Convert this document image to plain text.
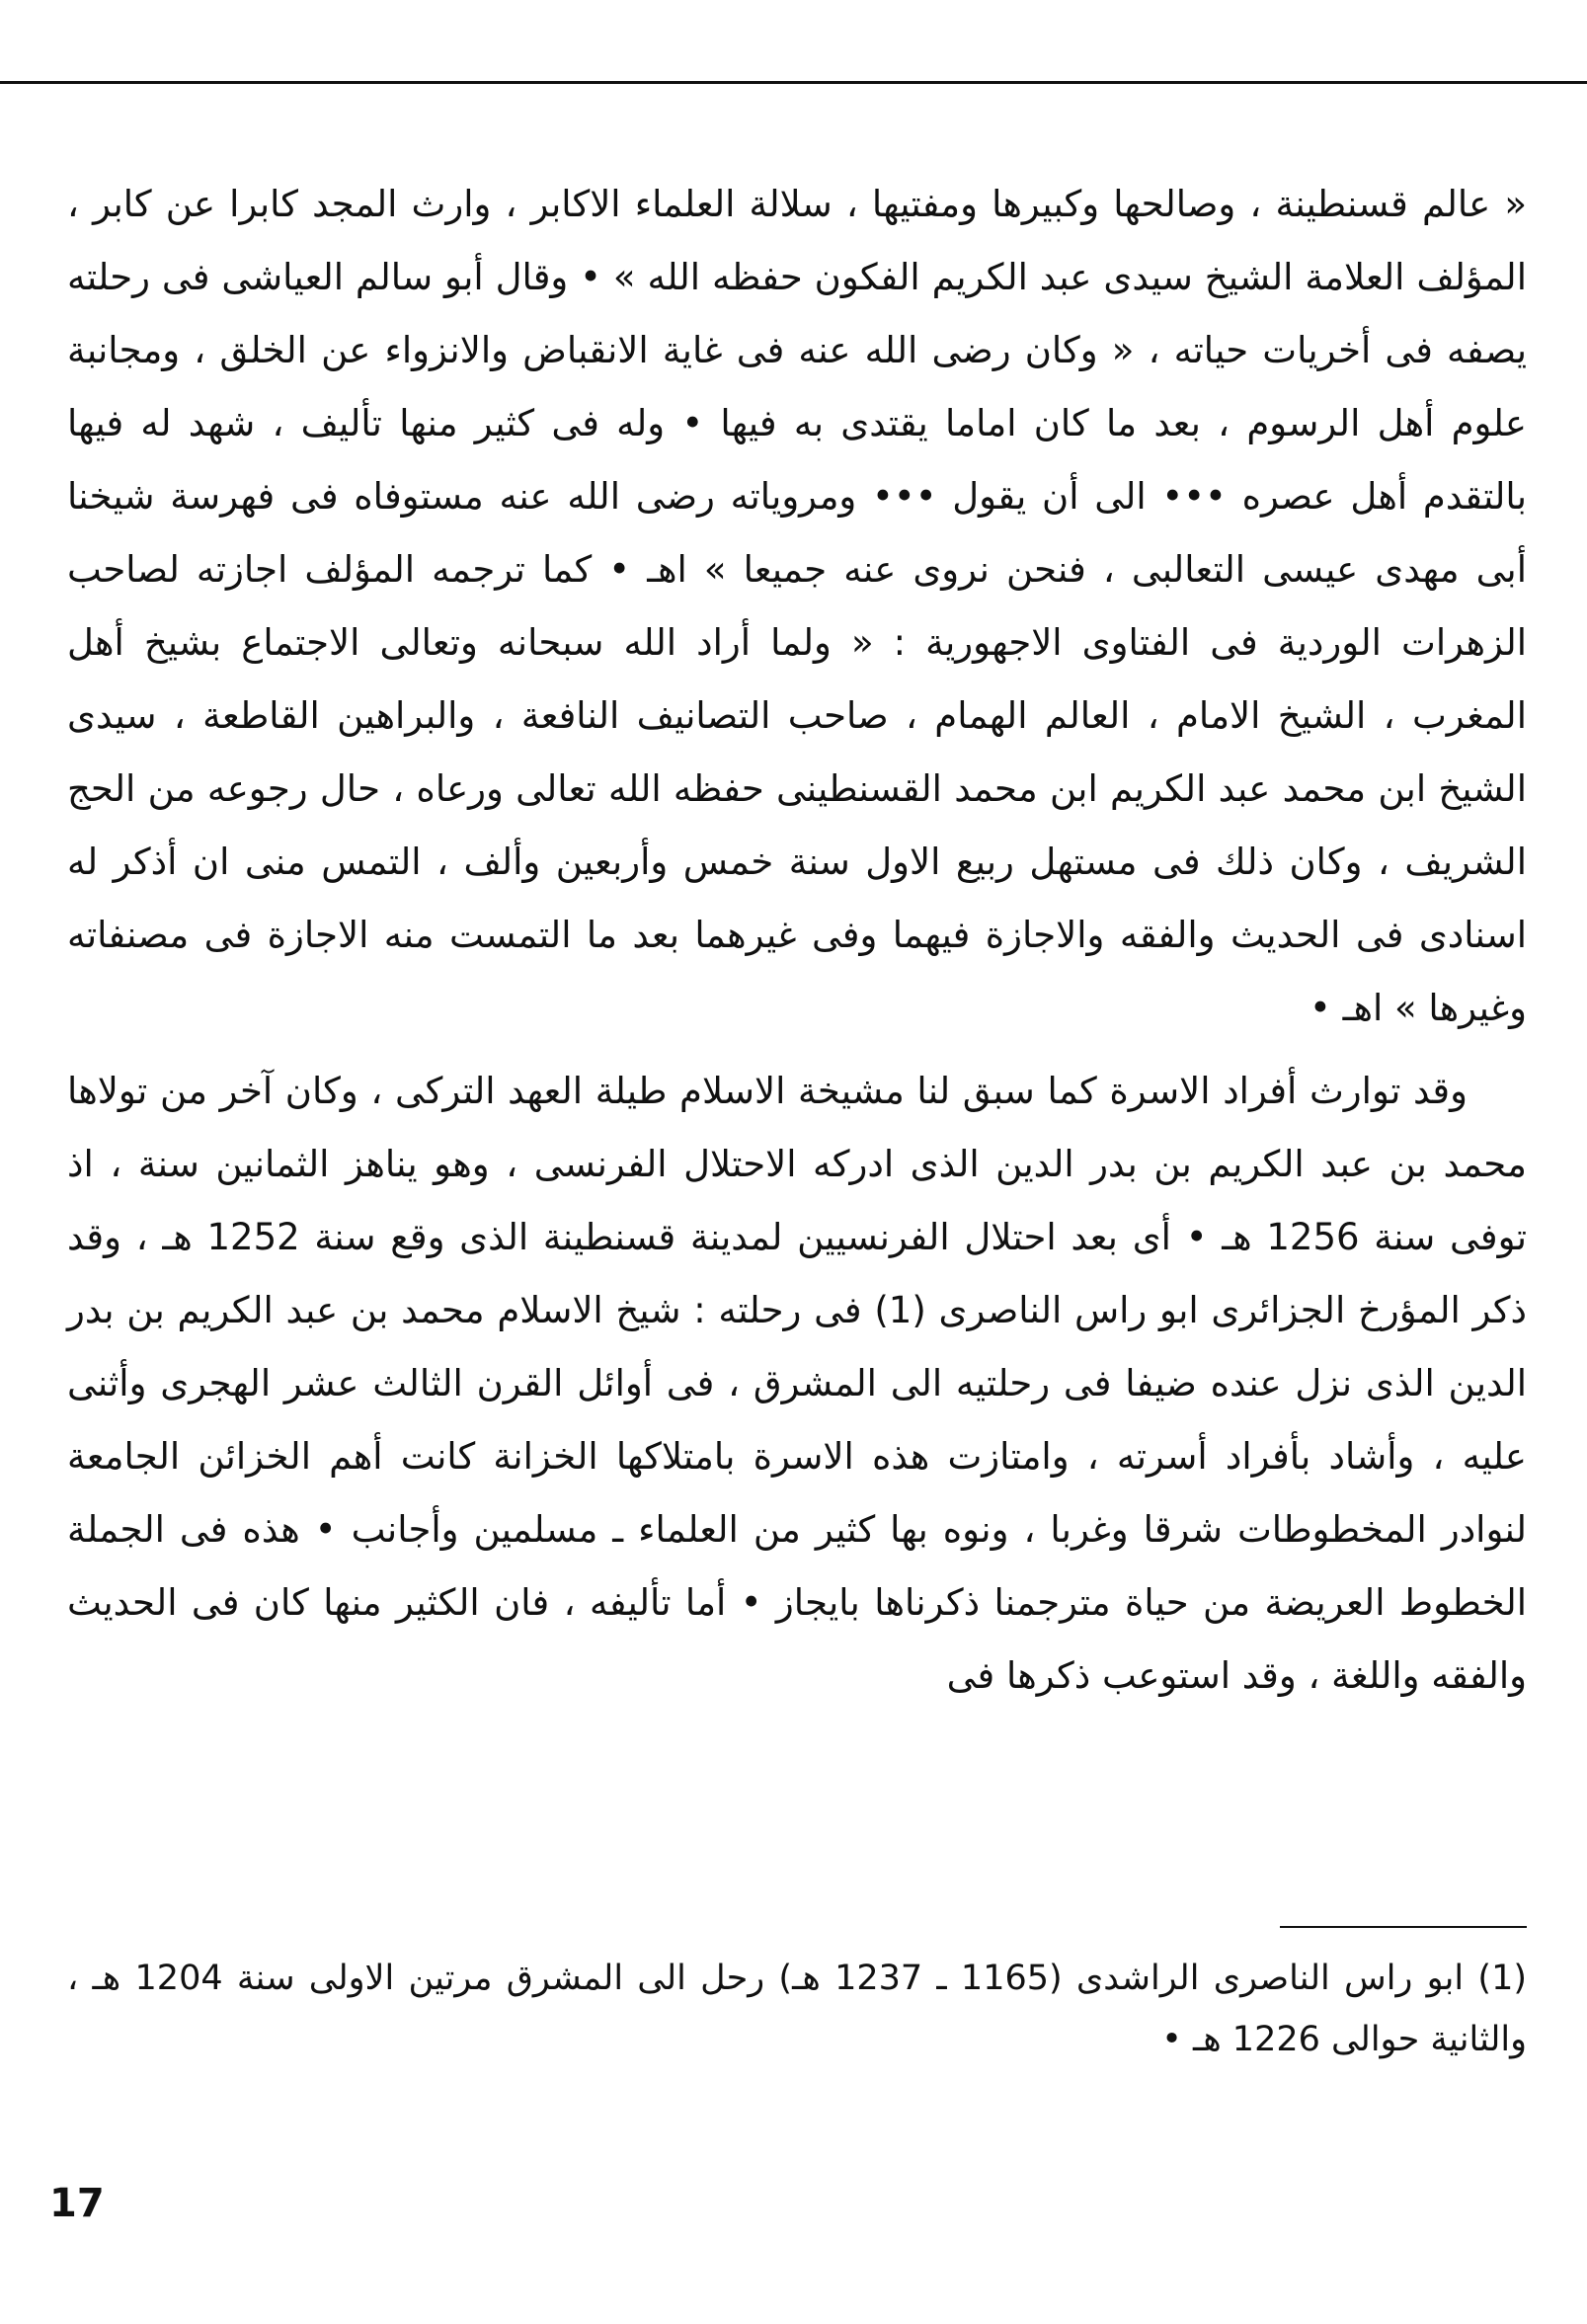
« عالم قسنطينة ، وصالحها وكبيرها ومفتيها ، سلالة العلماء الاكابر ، وارث المجد كابرا عن كابر ، المؤلف العلامة الشيخ سيدى عبد الكريم الفكون حفظه الله » • وقال أبو سالم العياشى فى رحلته يصفه فى أخريات حياته ، « وكان رضى الله عنه فى غاية الانقباض والانزواء عن الخلق ، ومجانبة علوم أهل الرسوم ، بعد ما كان اماما يقتدى به فيها • وله فى كثير منها تأليف ، شهد له فيها بالتقدم أهل عصره ••• الى أن يقول ••• ومروياته رضى الله عنه مستوفاه فى فهرسة شيخنا أبى مهدى عيسى التعالبى ، فنحن نروى عنه جميعا » اهـ • كما ترجمه المؤلف اجازته لصاحب الزهرات الوردية فى الفتاوى الاجهورية : « ولما أراد الله سبحانه وتعالى الاجتماع بشيخ أهل المغرب ، الشيخ الامام ، العالم الهمام ، صاحب التصانيف النافعة ، والبراهين القاطعة ، سيدى الشيخ ابن محمد عبد الكريم ابن محمد القسنطينى حفظه الله تعالى ورعاه ، حال رجوعه من الحج الشريف ، وكان ذلك فى مستهل ربيع الاول سنة خمس وأربعين وألف ، التمس منى ان أذكر له اسنادى فى الحديث والفقه والاجازة فيهما وفى غيرهما بعد ما التمست منه الاجازة فى مصنفاته وغيرها » اهـ •

وقد توارث أفراد الاسرة كما سبق لنا مشيخة الاسلام طيلة العهد التركى ، وكان آخر من تولاها محمد بن عبد الكريم بن بدر الدين الذى ادركه الاحتلال الفرنسى ، وهو يناهز الثمانين سنة ، اذ توفى سنة 1256 هـ • أى بعد احتلال الفرنسيين لمدينة قسنطينة الذى وقع سنة 1252 هـ ، وقد ذكر المؤرخ الجزائرى ابو راس الناصرى (1) فى رحلته : شيخ الاسلام محمد بن عبد الكريم بن بدر الدين الذى نزل عنده ضيفا فى رحلتيه الى المشرق ، فى أوائل القرن الثالث عشر الهجرى وأثنى عليه ، وأشاد بأفراد أسرته ، وامتازت هذه الاسرة بامتلاكها الخزانة كانت أهم الخزائن الجامعة لنوادر المخطوطات شرقا وغربا ، ونوه بها كثير من العلماء ـ مسلمين وأجانب • هذه فى الجملة الخطوط العريضة من حياة مترجمنا ذكرناها بايجاز • أما تأليفه ، فان الكثير منها كان فى الحديث والفقه واللغة ، وقد استوعب ذكرها فى

(1) ابو راس الناصرى الراشدى (1165 ـ 1237 هـ) رحل الى المشرق مرتين الاولى سنة 1204 هـ ، والثانية حوالى 1226 هـ •

17
